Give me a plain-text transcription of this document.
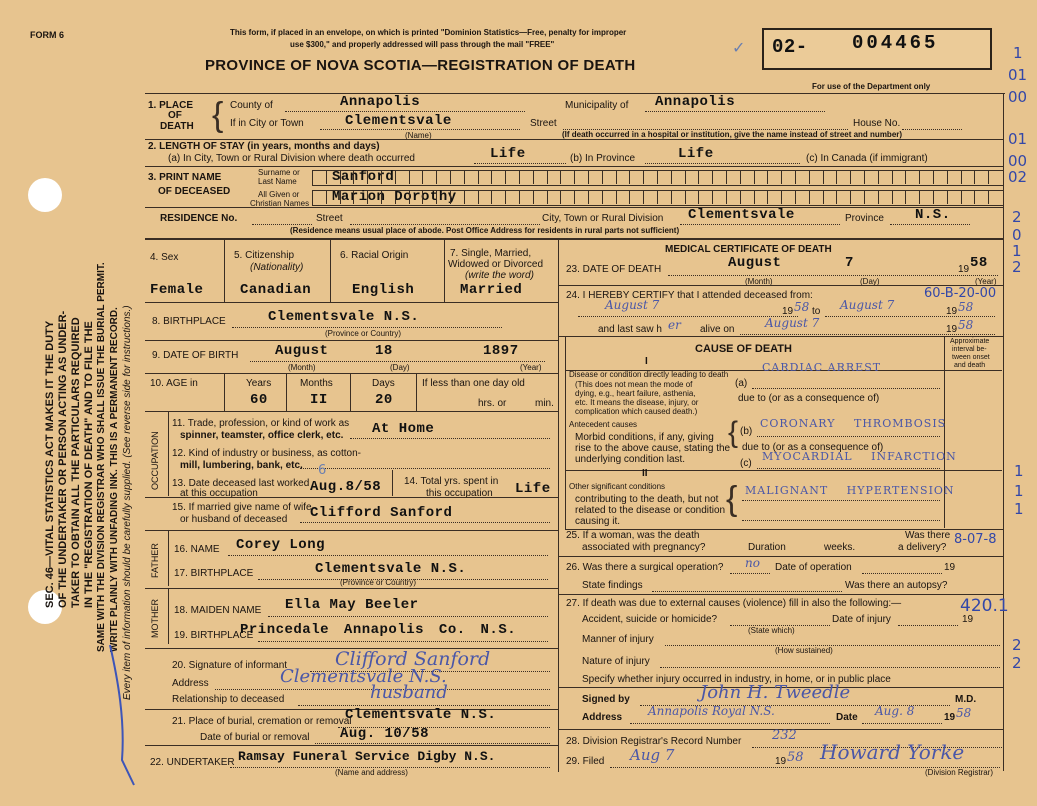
SEC. 46—VITAL STATISTICS ACT MAKES IT THE DUTY OF THE UNDERTAKER OR PERSON ACTING AS UNDER- TAKER TO OBTAIN ALL THE PARTICULARS REQUIRED IN THE "REGISTRATION OF DEATH" AND TO FILE THE SAME WITH THE DIVISION REGISTRAR WHO SHALL ISSUE THE BURIAL PERMIT. WRITE PLAINLY WITH UNFADING INK. THIS IS A PERMANENT RECORD. Every item of information should be carefully supplied. (See reverse side for instructions.)
FORM 6	This form, if placed in an envelope, on which is printed "Dominion Statistics—Free, penalty for improper
use $300," and properly addressed will pass through the mail "FREE"
PROVINCE OF NOVA SCOTIA—REGISTRATION OF DEATH
02- 004465
For use of the Department only
✓
1. PLACE
OF
DEATH { County of	Annapolis	Municipality of Annapolis
If in City or Town	Clementsvale
(Name)
Street	House No.
(If death occurred in a hospital or institution, give the name instead of street and number)
2. LENGTH OF STAY (in years, months and days)
(a) In City, Town or Rural Division where death occurred	Life	(b) In Province	Life	(c) In Canada (if immigrant)
3. PRINT NAME
OF DECEASED
Surname or
Last Name	Sanford
All Given or
Christian Names Marion Dorothy
RESIDENCE No.	Street	City, Town or Rural Division Clementsvale	Province N.S.
(Residence means usual place of abode. Post Office Address for residents in rural parts not sufficient)
4. Sex	5. Citizenship
(Nationality)
6. Racial Origin	7. Single, Married,
Widowed or Divorced
(write the word)
Female	Canadian	English	Married
8. BIRTHPLACE	Clementsvale N.S.
(Province or Country)
9. DATE OF BIRTH	August	18	1897
(Month)	(Day)	(Year)
10. AGE in	Years	Months	Days	If less than one day old
60	II	20	hrs. or	min.
OCCUPATION
11. Trade, profession, or kind of work as
spinner, teamster, office clerk, etc. At Home
12. Kind of industry or business, as cotton-
mill, lumbering, bank, etc.
13. Date deceased last worked
at this occupation	Aug.8/58
6
14. Total yrs. spent in
this occupation Life
15. If married give name of wife
or husband of deceased Clifford Sanford
FATHER 16. NAME Corey Long
17. BIRTHPLACE	Clementsvale N.S.
(Province or Country)
MOTHER 18. MAIDEN NAME Ella May Beeler
19. BIRTHPLACE
Princedale Annapolis Co. N.S.
20. Signature of informant	Clifford Sanford
Address	Clementsvale N.S.
Relationship to deceased	husband
21. Place of burial, cremation or removal
Clementsvale N.S.
Date of burial or removal Aug. 10/58
22. UNDERTAKER Ramsay Funeral Service Digby N.S.
(Name and address)
MEDICAL CERTIFICATE OF DEATH
23. DATE OF DEATH	August	7	19 58
(Month)	(Day)	(Year)
24. I HEREBY CERTIFY that I attended deceased from:
August 7	19 58 to August 7	19 58
and last saw h er alive on	August 7	19 58
CAUSE OF DEATH
Approximate
interval be-
tween onset
and death
I
Disease or condition directly leading to death
(This does not mean the mode of
dying, e.g., heart failure, asthenia,
etc. It means the disease, injury, or
complication which caused death.)
(a)
CARDIAC ARREST
due to (or as a consequence of)
Antecedent causes
Morbid conditions, if any, giving
rise to the above cause, stating the
underlying condition last.
{ (b)
CORONARY THROMBOSIS
due to (or as a consequence of)
(c)
MYOCARDIAL INFARCTION
II
Other significant conditions
contributing to the death, but not
related to the disease or condition
causing it.
{ MALIGNANT HYPERTENSION
25. If a woman, was the death
associated with pregnancy?	Duration	weeks.
Was there
a delivery?
26. Was there a surgical operation? no Date of operation	19
State findings	Was there an autopsy?
27. If death was due to external causes (violence) fill in also the following:—
Accident, suicide or homicide?
(State which)
Date of injury	19
Manner of injury
(How sustained)
Nature of injury
Specify whether injury occurred in industry, in home, or in public place
Signed by	John H. Tweedle	M.D.
Address Annapolis Royal N.S.	Date Aug. 8	19 58
28. Division Registrar's Record Number 232
29. Filed Aug 7	19 58 Howard Yorke
(Division Registrar)
1
01
00
01
00
02
2
0
1
2
1
1
1
2
2
60-B-20-00
8-07-8
420.1
